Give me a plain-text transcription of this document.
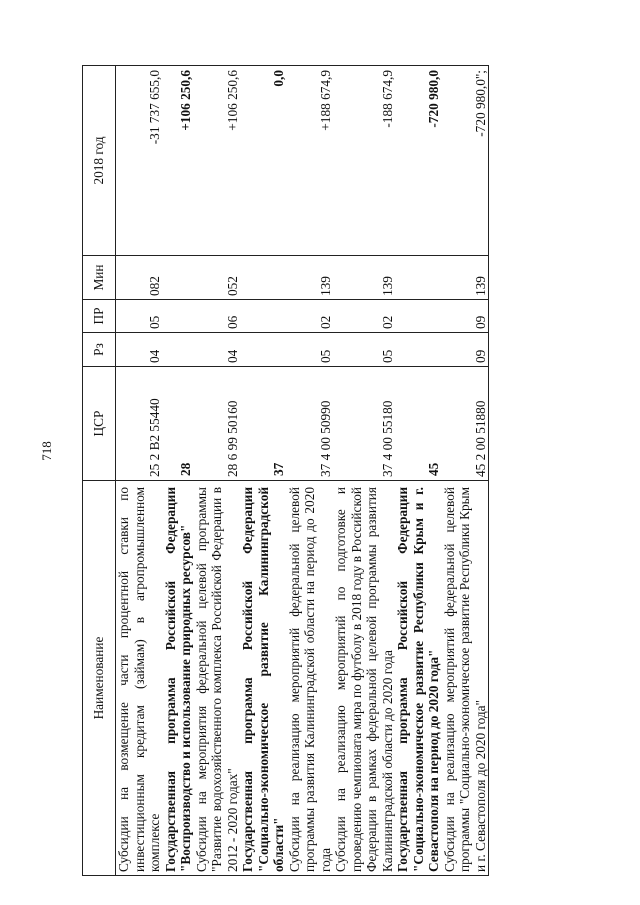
718
Наименование	ЦСР	Рз	ПР	Мин	2018 год

Субсидии на возмещение части процентной ставки по инвестиционным кредитам (займам) в агропромышленном комплексе	25 2 В2 55440	04	05	082	-31 737 655,0

Государственная программа Российской Федерации "Воспроизводство и использование природных ресурсов"	28				+106 250,6

Субсидии на мероприятия федеральной целевой программы "Развитие водохозяйственного комплекса Российской Федерации в 2012 - 2020 годах"	28 6 99 50160	04	06	052	+106 250,6

Государственная программа Российской Федерации "Социально-экономическое развитие Калининградской области"	37				0,0

Субсидии на реализацию мероприятий федеральной целевой программы развития Калининградской области на период до 2020 года	37 4 00 50990	05	02	139	+188 674,9

Субсидии на реализацию мероприятий по подготовке и проведению чемпионата мира по футболу в 2018 году в Российской Федерации в рамках федеральной целевой программы развития Калининградской области до 2020 года	37 4 00 55180	05	02	139	-188 674,9

Государственная программа Российской Федерации "Социально-экономическое развитие Республики Крым и г. Севастополя на период до 2020 года"	45				-720 980,0

Субсидии на реализацию мероприятий федеральной целевой программы "Социально-экономическое развитие Республики Крым и г. Севастополя до 2020 года"	45 2 00 51880	09	09	139	-720 980,0";
